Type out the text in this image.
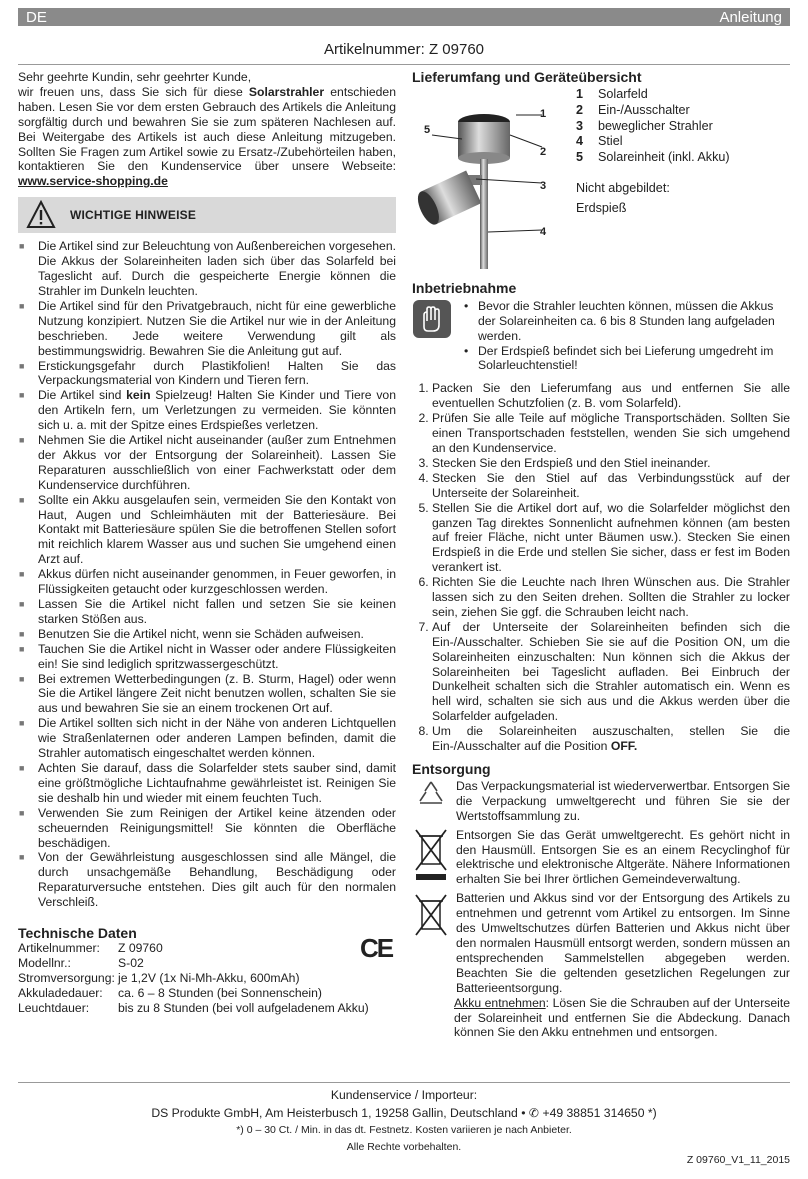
DE	Anleitung
Artikelnummer: Z 09760

Sehr geehrte Kundin, sehr geehrter Kunde,

wir freuen uns, dass Sie sich für diese Solarstrahler entschieden haben. Lesen Sie vor dem ersten Gebrauch des Artikels die Anleitung sorgfältig durch und bewahren Sie sie zum späteren Nachlesen auf. Bei Weitergabe des Artikels ist auch diese Anleitung mitzugeben. Sollten Sie Fragen zum Artikel sowie zu Ersatz-/Zubehörteilen haben, kontaktieren Sie den Kundenservice über unsere Webseite: www.service-shopping.de

WICHTIGE HINWEISE
■ Die Artikel sind zur Beleuchtung von Außenbereichen vorgesehen. Die Akkus der Solareinheiten laden sich über das Solarfeld bei Tageslicht auf. Durch die gespeicherte Energie können die Strahler im Dunkeln leuchten.
■ Die Artikel sind für den Privatgebrauch, nicht für eine gewerbliche Nutzung konzipiert. Nutzen Sie die Artikel nur wie in der Anleitung beschrieben. Jede weitere Verwendung gilt als bestimmungswidrig. Bewahren Sie die Anleitung gut auf.
■ Erstickungsgefahr durch Plastikfolien! Halten Sie das Verpackungsmaterial von Kindern und Tieren fern.
■ Die Artikel sind kein Spielzeug! Halten Sie Kinder und Tiere von den Artikeln fern, um Verletzungen zu vermeiden. Sie könnten sich u. a. mit der Spitze eines Erdspießes verletzen.
■ Nehmen Sie die Artikel nicht auseinander (außer zum Entnehmen der Akkus vor der Entsorgung der Solareinheit). Lassen Sie Reparaturen ausschließlich von einer Fachwerkstatt oder dem Kundenservice durchführen.
■ Sollte ein Akku ausgelaufen sein, vermeiden Sie den Kontakt von Haut, Augen und Schleimhäuten mit der Batteriesäure. Bei Kontakt mit Batteriesäure spülen Sie die betroffenen Stellen sofort mit reichlich klarem Wasser aus und suchen Sie umgehend einen Arzt auf.
■ Akkus dürfen nicht auseinander genommen, in Feuer geworfen, in Flüssigkeiten getaucht oder kurzgeschlossen werden.
■ Lassen Sie die Artikel nicht fallen und setzen Sie sie keinen starken Stößen aus.
■ Benutzen Sie die Artikel nicht, wenn sie Schäden aufweisen.
■ Tauchen Sie die Artikel nicht in Wasser oder andere Flüssigkeiten ein! Sie sind lediglich spritzwassergeschützt.
■ Bei extremen Wetterbedingungen (z. B. Sturm, Hagel) oder wenn Sie die Artikel längere Zeit nicht benutzen wollen, schalten Sie sie aus und bewahren Sie sie an einem trockenen Ort auf.
■ Die Artikel sollten sich nicht in der Nähe von anderen Lichtquellen wie Straßenlaternen oder anderen Lampen befinden, damit die Strahler automatisch eingeschaltet werden können.
■ Achten Sie darauf, dass die Solarfelder stets sauber sind, damit eine größtmögliche Lichtaufnahme gewährleistet ist. Reinigen Sie sie deshalb hin und wieder mit einem feuchten Tuch.
■ Verwenden Sie zum Reinigen der Artikel keine ätzenden oder scheuernden Reinigungsmittel! Sie könnten die Oberfläche beschädigen.
■ Von der Gewährleistung ausgeschlossen sind alle Mängel, die durch unsachgemäße Behandlung, Beschädigung oder Reparaturversuche entstehen. Dies gilt auch für den normalen Verschleiß.
Technische Daten
Artikelnummer:	Z 09760
Modellnr.:	S-02
Stromversorgung: je 1,2V (1x Ni-Mh-Akku, 600mAh)
Akkuladedauer:	ca. 6 – 8 Stunden (bei Sonnenschein)
Leuchtdauer:	bis zu 8 Stunden (bei voll aufgeladenem Akku)
CE
Lieferumfang und Geräteübersicht
1
2
3
4
5
1 Solarfeld
2 Ein-/Ausschalter
3 beweglicher Strahler
4 Stiel
5 Solareinheit (inkl. Akku)

Nicht abgebildet:

Erdspieß

Inbetriebnahme
• Bevor die Strahler leuchten können, müssen die Akkus der Solareinheiten ca. 6 bis 8 Stunden lang aufgeladen werden.
• Der Erdspieß befindet sich bei Lieferung umgedreht im Solarleuchtenstiel!
1. Packen Sie den Lieferumfang aus und entfernen Sie alle eventuellen Schutzfolien (z. B. vom Solarfeld).
2. Prüfen Sie alle Teile auf mögliche Transportschäden. Sollten Sie einen Transportschaden feststellen, wenden Sie sich umgehend an den Kundenservice.
3. Stecken Sie den Erdspieß und den Stiel ineinander.
4. Stecken Sie den Stiel auf das Verbindungsstück auf der Unterseite der Solareinheit.
5. Stellen Sie die Artikel dort auf, wo die Solarfelder möglichst den ganzen Tag direktes Sonnenlicht aufnehmen können (am besten auf freier Fläche, nicht unter Bäumen usw.). Stecken Sie einen Erdspieß in die Erde und stellen Sie sicher, dass er fest im Boden verankert ist.
6. Richten Sie die Leuchte nach Ihren Wünschen aus. Die Strahler lassen sich zu den Seiten drehen. Sollten die Strahler zu locker sein, ziehen Sie ggf. die Schrauben leicht nach.
7. Auf der Unterseite der Solareinheiten befinden sich die Ein-/Ausschalter. Schieben Sie sie auf die Position ON, um die Solareinheiten einzuschalten: Nun können sich die Akkus der Solareinheiten bei Tageslicht aufladen. Bei Einbruch der Dunkelheit schalten sich die Strahler automatisch ein. Wenn es hell wird, schalten sie sich aus und die Akkus werden über die Solarfelder aufgeladen.
8. Um die Solareinheiten auszuschalten, stellen Sie die Ein-/Ausschalter auf die Position OFF.
Entsorgung

Das Verpackungsmaterial ist wiederverwertbar. Entsorgen Sie die Verpackung umweltgerecht und führen Sie sie der Wertstoffsammlung zu.

Entsorgen Sie das Gerät umweltgerecht. Es gehört nicht in den Hausmüll. Entsorgen Sie es an einem Recyclinghof für elektrische und elektronische Altgeräte. Nähere Informationen erhalten Sie bei Ihrer örtlichen Gemeindeverwaltung.

Batterien und Akkus sind vor der Entsorgung des Artikels zu entnehmen und getrennt vom Artikel zu entsorgen. Im Sinne des Umweltschutzes dürfen Batterien und Akkus nicht über den normalen Hausmüll entsorgt werden, sondern müssen an entsprechenden Sammelstellen abgegeben werden. Beachten Sie die geltenden gesetzlichen Regelungen zur Batterieentsorgung.

Akku entnehmen: Lösen Sie die Schrauben auf der Unterseite der Solareinheit und entfernen Sie die Abdeckung. Danach können Sie den Akku entnehmen und entsorgen.

Kundenservice / Importeur:
DS Produkte GmbH, Am Heisterbusch 1, 19258 Gallin, Deutschland • ✆ +49 38851 314650 *)
*) 0 – 30 Ct. / Min. in das dt. Festnetz. Kosten variieren je nach Anbieter.
Alle Rechte vorbehalten.
Z 09760_V1_11_2015
